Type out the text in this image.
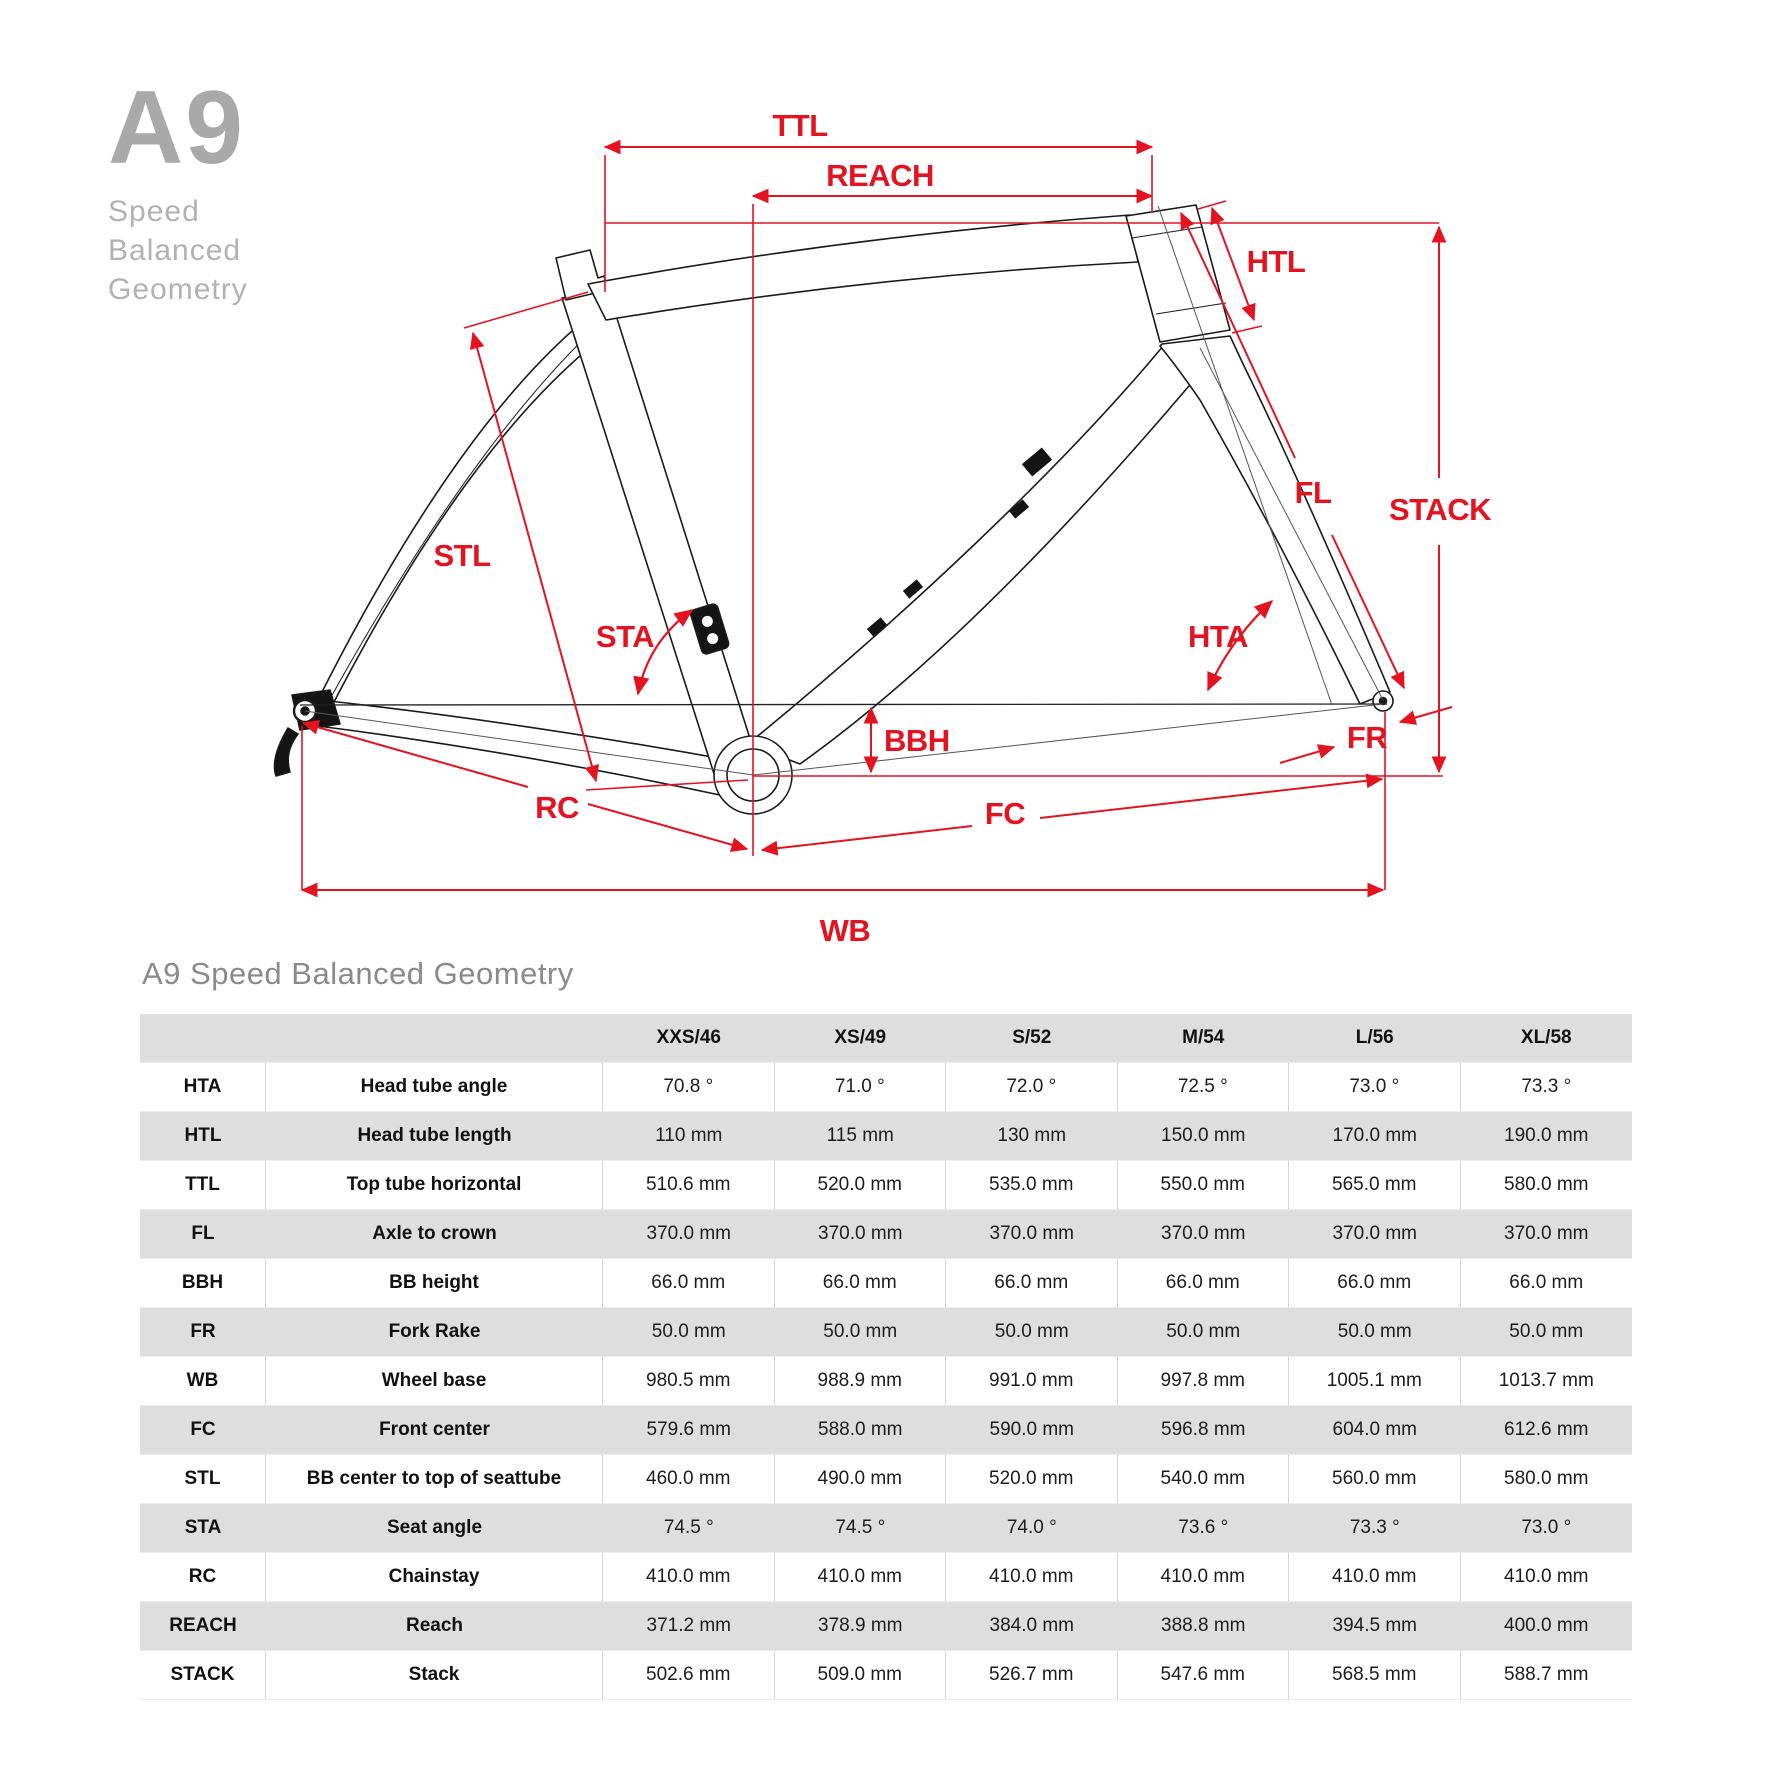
A9
Speed
Balanced
Geometry
TTL
REACH
HTL
FL STACK
STL
STA	HTA
BBH	FR
RC	FC
WB
A9 Speed Balanced Geometry
		XXS/46	XS/49	S/52	M/54	L/56	XL/58
HTA	Head tube angle	70.8 °	71.0 °	72.0 °	72.5 °	73.0 °	73.3 °
HTL	Head tube length	110 mm	115 mm	130 mm	150.0 mm	170.0 mm	190.0 mm
TTL	Top tube horizontal	510.6 mm	520.0 mm	535.0 mm	550.0 mm	565.0 mm	580.0 mm
FL	Axle to crown	370.0 mm	370.0 mm	370.0 mm	370.0 mm	370.0 mm	370.0 mm
BBH	BB height	66.0 mm	66.0 mm	66.0 mm	66.0 mm	66.0 mm	66.0 mm
FR	Fork Rake	50.0 mm	50.0 mm	50.0 mm	50.0 mm	50.0 mm	50.0 mm
WB	Wheel base	980.5 mm	988.9 mm	991.0 mm	997.8 mm	1005.1 mm	1013.7 mm
FC	Front center	579.6 mm	588.0 mm	590.0 mm	596.8 mm	604.0 mm	612.6 mm
STL	BB center to top of seattube	460.0 mm	490.0 mm	520.0 mm	540.0 mm	560.0 mm	580.0 mm
STA	Seat angle	74.5 °	74.5 °	74.0 °	73.6 °	73.3 °	73.0 °
RC	Chainstay	410.0 mm	410.0 mm	410.0 mm	410.0 mm	410.0 mm	410.0 mm
REACH	Reach	371.2 mm	378.9 mm	384.0 mm	388.8 mm	394.5 mm	400.0 mm
STACK	Stack	502.6 mm	509.0 mm	526.7 mm	547.6 mm	568.5 mm	588.7 mm
